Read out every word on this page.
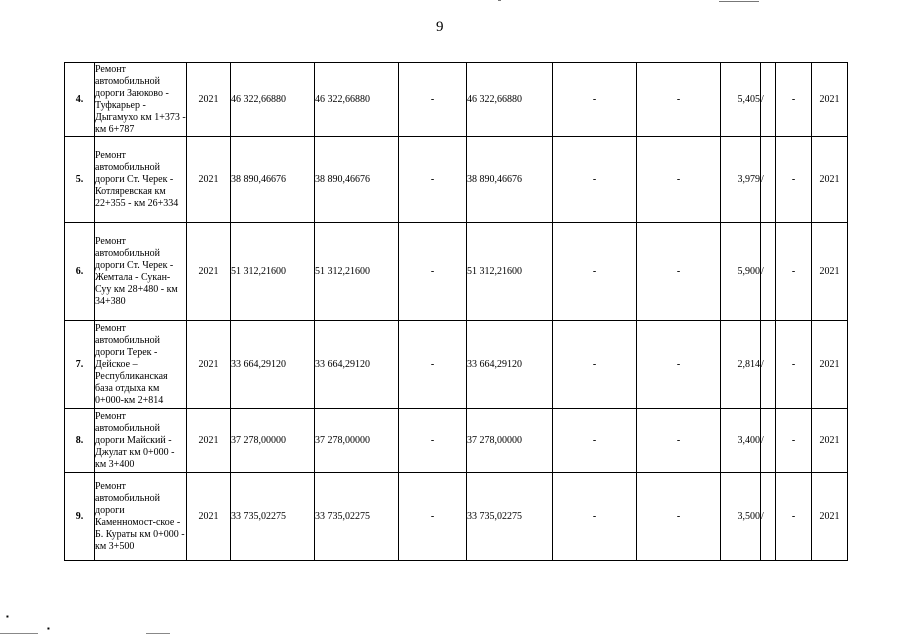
9
4.	Ремонт автомобильной дороги Заюково - Туфкарьер - Дыгамухо км 1+373 - км 6+787	2021	46 322,66880	46 322,66880	-	46 322,66880	-	-	5,405	/	-	2021
5.	Ремонт автомобильной дороги Ст. Черек - Котляревская км 22+355 - км 26+334	2021	38 890,46676	38 890,46676	-	38 890,46676	-	-	3,979	/	-	2021
6.	Ремонт автомобильной дороги Ст. Черек - Жемтала - Сукан-Суу км 28+480 - км 34+380	2021	51 312,21600	51 312,21600	-	51 312,21600	-	-	5,900	/	-	2021
7.	Ремонт автомобильной дороги Терек - Дейское – Республиканская база отдыха км 0+000-км 2+814	2021	33 664,29120	33 664,29120	-	33 664,29120	-	-	2,814	/	-	2021
8.	Ремонт автомобильной дороги Майский - Джулат км 0+000 - км 3+400	2021	37 278,00000	37 278,00000	-	37 278,00000	-	-	3,400	/	-	2021
9.	Ремонт автомобильной дороги Каменномост-ское - Б. Кураты км 0+000 - км 3+500	2021	33 735,02275	33 735,02275	-	33 735,02275	-	-	3,500	/	-	2021
▪
▪
